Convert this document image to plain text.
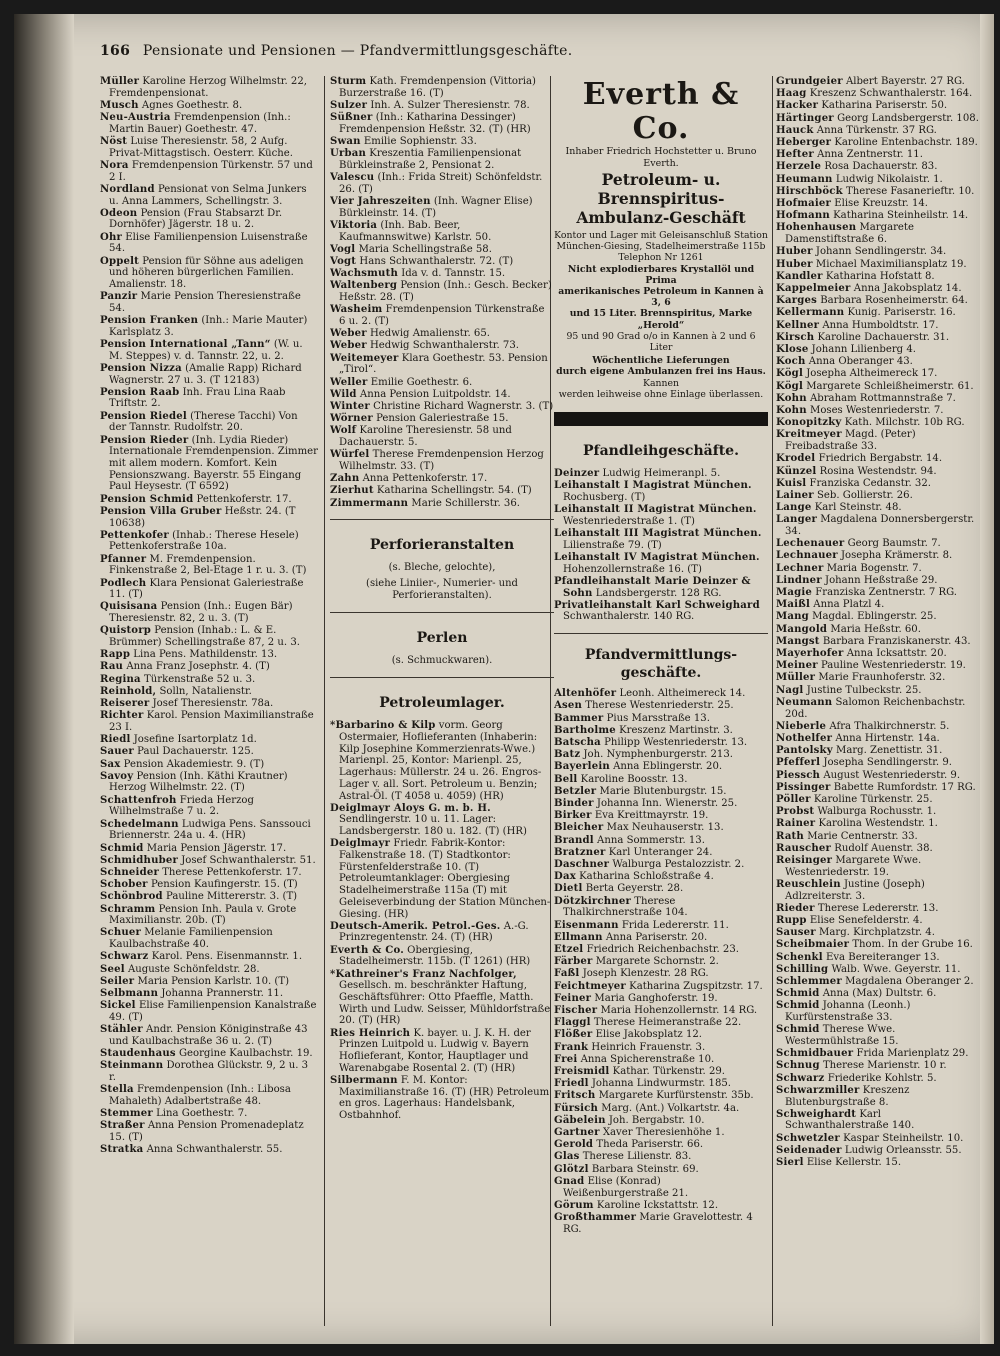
166 Pensionate und Pensionen — Pfandvermittlungsgeschäfte.
Müller Karoline Herzog Wilhelmstr. 22, Fremdenpensionat.
Musch Agnes Goethestr. 8.
Neu-Austria Fremdenpension (Inh.: Martin Bauer) Goethestr. 47.
Nöst Luise Theresienstr. 58, 2 Aufg. Privat-Mittagstisch. Oesterr. Küche.
Nora Fremdenpension Türkenstr. 57 und 2 I.
Nordland Pensionat von Selma Junkers u. Anna Lammers, Schellingstr. 3.
Odeon Pension (Frau Stabsarzt Dr. Dornhöfer) Jägerstr. 18 u. 2.
Ohr Elise Familienpension Luisenstraße 54.
Oppelt Pension für Söhne aus adeligen und höheren bürgerlichen Familien. Amalienstr. 18.
Panzir Marie Pension Theresienstraße 54.
Pension Franken (Inh.: Marie Mauter) Karlsplatz 3.
Pension International „Tann“ (W. u. M. Steppes) v. d. Tannstr. 22, u. 2.
Pension Nizza (Amalie Rapp) Richard Wagnerstr. 27 u. 3. (T 12183)
Pension Raab Inh. Frau Lina Raab Triftstr. 2.
Pension Riedel (Therese Tacchi) Von der Tannstr. Rudolfstr. 20.
Pension Rieder (Inh. Lydia Rieder) Internationale Fremdenpension. Zimmer mit allem modern. Komfort. Kein Pensionszwang. Bayerstr. 55 Eingang Paul Heysestr. (T 6592)
Pension Schmid Pettenkoferstr. 17.
Pension Villa Gruber Heßstr. 24. (T 10638)
Pettenkofer (Inhab.: Therese Hesele) Pettenkoferstraße 10a.
Pfanner M. Fremdenpension. Finkenstraße 2, Bel-Etage 1 r. u. 3. (T)
Podlech Klara Pensionat Galeriestraße 11. (T)
Quisisana Pension (Inh.: Eugen Bär) Theresienstr. 82, 2 u. 3. (T)
Quistorp Pension (Inhab.: L. & E. Brümmer) Schellingstraße 87, 2 u. 3.
Rapp Lina Pens. Mathildenstr. 13.
Rau Anna Franz Josephstr. 4. (T)
Regina Türkenstraße 52 u. 3.
Reinhold, Solln, Natalienstr.
Reiserer Josef Theresienstr. 78a.
Richter Karol. Pension Maximilianstraße 23 I.
Riedl Josefine Isartorplatz 1d.
Sauer Paul Dachauerstr. 125.
Sax Pension Akademiestr. 9. (T)
Savoy Pension (Inh. Käthi Krautner) Herzog Wilhelmstr. 22. (T)
Schattenfroh Frieda Herzog Wilhelmstraße 7 u. 2.
Schedelmann Ludwiga Pens. Sanssouci Briennerstr. 24a u. 4. (HR)
Schmid Maria Pension Jägerstr. 17.
Schmidhuber Josef Schwanthalerstr. 51.
Schneider Therese Pettenkoferstr. 17.
Schober Pension Kaufingerstr. 15. (T)
Schönbrod Pauline Mittererstr. 3. (T)
Schramm Pension Inh. Paula v. Grote Maximilianstr. 20b. (T)
Schuer Melanie Familienpension Kaulbachstraße 40.
Schwarz Karol. Pens. Eisenmannstr. 1.
Seel Auguste Schönfeldstr. 28.
Seiler Maria Pension Karlstr. 10. (T)
Selbmann Johanna Prannerstr. 11.
Sickel Elise Familienpension Kanalstraße 49. (T)
Stähler Andr. Pension Königinstraße 43 und Kaulbachstraße 36 u. 2. (T)
Staudenhaus Georgine Kaulbachstr. 19.
Steinmann Dorothea Glückstr. 9, 2 u. 3 r.
Stella Fremdenpension (Inh.: Libosa Mahaleth) Adalbertstraße 48.
Stemmer Lina Goethestr. 7.
Straßer Anna Pension Promenadeplatz 15. (T)
Stratka Anna Schwanthalerstr. 55.
Sturm Kath. Fremdenpension (Vittoria) Burzerstraße 16. (T)
Sulzer Inh. A. Sulzer Theresienstr. 78.
Süßner (Inh.: Katharina Dessinger) Fremdenpension Heßstr. 32. (T) (HR)
Swan Emilie Sophienstr. 33.
Urban Kreszentia Familienpensionat Bürkleinstraße 2, Pensionat 2.
Valescu (Inh.: Frida Streit) Schönfeldstr. 26. (T)
Vier Jahreszeiten (Inh. Wagner Elise) Bürkleinstr. 14. (T)
Viktoria (Inh. Bab. Beer, Kaufmannswitwe) Karlstr. 50.
Vogl Maria Schellingstraße 58.
Vogt Hans Schwanthalerstr. 72. (T)
Wachsmuth Ida v. d. Tannstr. 15.
Waltenberg Pension (Inh.: Gesch. Becker) Heßstr. 28. (T)
Washeim Fremdenpension Türkenstraße 6 u. 2. (T)
Weber Hedwig Amalienstr. 65.
Weber Hedwig Schwanthalerstr. 73.
Weitemeyer Klara Goethestr. 53. Pension „Tirol“.
Weller Emilie Goethestr. 6.
Wild Anna Pension Luitpoldstr. 14.
Winter Christine Richard Wagnerstr. 3. (T)
Wörner Pension Galeriestraße 15.
Wolf Karoline Theresienstr. 58 und Dachauerstr. 5.
Würfel Therese Fremdenpension Herzog Wilhelmstr. 33. (T)
Zahn Anna Pettenkoferstr. 17.
Zierhut Katharina Schellingstr. 54. (T)
Zimmermann Marie Schillerstr. 36.
Perforieranstalten
(s. Bleche, gelochte),
(siehe Liniier-, Numerier- und Perforieranstalten).
Perlen
(s. Schmuckwaren).
Petroleumlager.
*Barbarino & Kilp vorm. Georg Ostermaier, Hoflieferanten (Inhaberin: Kilp Josephine Kommerzienrats-Wwe.) Marienpl. 25, Kontor: Marienpl. 25, Lagerhaus: Müllerstr. 24 u. 26. Engros-Lager v. all. Sort. Petroleum u. Benzin; Astral-Öl. (T 4058 u. 4059) (HR)
Deiglmayr Aloys G. m. b. H. Sendlingerstr. 10 u. 11. Lager: Landsbergerstr. 180 u. 182. (T) (HR)
Deiglmayr Friedr. Fabrik-Kontor: Falkenstraße 18. (T) Stadtkontor: Fürstenfelderstraße 10. (T) Petroleumtanklager: Obergiesing Stadelheimerstraße 115a (T) mit Geleiseverbindung der Station München-Giesing. (HR)
Deutsch-Amerik. Petrol.-Ges. A.-G. Prinzregentenstr. 24. (T) (HR)
Everth & Co. Obergiesing, Stadelheimerstr. 115b. (T 1261) (HR)
*Kathreiner's Franz Nachfolger, Gesellsch. m. beschränkter Haftung, Geschäftsführer: Otto Pfaeffle, Matth. Wirth und Ludw. Seisser, Mühldorfstraße 20. (T) (HR)
Ries Heinrich K. bayer. u. J. K. H. der Prinzen Luitpold u. Ludwig v. Bayern Hoflieferant, Kontor, Hauptlager und Warenabgabe Rosental 2. (T) (HR)
Silbermann F. M. Kontor: Maximilianstraße 16. (T) (HR) Petroleum en gros. Lagerhaus: Handelsbank, Ostbahnhof.
Everth & Co.
Inhaber Friedrich Hochstetter u. Bruno Everth.
Petroleum- u. Brennspiritus-
Ambulanz-Geschäft
Kontor und Lager mit Geleisanschluß Station
München-Giesing, Stadelheimerstraße 115b
Telephon Nr 1261
Nicht explodierbares Krystallöl und Prima
amerikanisches Petroleum in Kannen à 3, 6
und 15 Liter. Brennspiritus, Marke „Herold“
95 und 90 Grad o/o in Kannen à 2 und 6 Liter
Wöchentliche Lieferungen
durch eigene Ambulanzen frei ins Haus.
Kannen
werden leihweise ohne Einlage überlassen.
Pfandleihgeschäfte.
Deinzer Ludwig Heimeranpl. 5.
Leihanstalt I Magistrat München. Rochusberg. (T)
Leihanstalt II Magistrat München. Westenriederstraße 1. (T)
Leihanstalt III Magistrat München. Lilienstraße 79. (T)
Leihanstalt IV Magistrat München. Hohenzollernstraße 16. (T)
Pfandleihanstalt Marie Deinzer & Sohn Landsbergerstr. 128 RG.
Privatleihanstalt Karl Schweighard Schwanthalerstr. 140 RG.
Pfandvermittlungs-
geschäfte.
Altenhöfer Leonh. Altheimereck 14.
Asen Therese Westenriederstr. 25.
Bammer Pius Marsstraße 13.
Bartholme Kreszenz Martinstr. 3.
Batscha Philipp Westenriederstr. 13.
Batz Joh. Nymphenburgerstr. 213.
Bayerlein Anna Eblingerstr. 20.
Bell Karoline Boosstr. 13.
Betzler Marie Blutenburgstr. 15.
Binder Johanna Inn. Wienerstr. 25.
Birker Eva Kreittmayrstr. 19.
Bleicher Max Neuhauserstr. 13.
Brandl Anna Sommerstr. 13.
Bratzner Karl Unteranger 24.
Daschner Walburga Pestalozzistr. 2.
Dax Katharina Schloßstraße 4.
Dietl Berta Geyerstr. 28.
Dötzkirchner Therese Thalkirchnerstraße 104.
Eisenmann Frida Ledererstr. 11.
Ellmann Anna Pariserstr. 20.
Etzel Friedrich Reichenbachstr. 23.
Färber Margarete Schornstr. 2.
Faßl Joseph Klenzestr. 28 RG.
Feichtmeyer Katharina Zugspitzstr. 17.
Feiner Maria Ganghoferstr. 19.
Fischer Maria Hohenzollernstr. 14 RG.
Flaggl Therese Heimeranstraße 22.
Flößer Elise Jakobsplatz 12.
Frank Heinrich Frauenstr. 3.
Frei Anna Spicherenstraße 10.
Freismidl Kathar. Türkenstr. 29.
Friedl Johanna Lindwurmstr. 185.
Fritsch Margarete Kurfürstenstr. 35b.
Fürsich Marg. (Ant.) Volkartstr. 4a.
Gäbelein Joh. Bergabstr. 10.
Gartner Xaver Theresienhöhe 1.
Gerold Theda Pariserstr. 66.
Glas Therese Lilienstr. 83.
Glötzl Barbara Steinstr. 69.
Gnad Elise (Konrad) Weißenburgerstraße 21.
Görum Karoline Ickstattstr. 12.
Großthammer Marie Gravelottestr. 4 RG.
Grundgeier Albert Bayerstr. 27 RG.
Haag Kreszenz Schwanthalerstr. 164.
Hacker Katharina Pariserstr. 50.
Härtinger Georg Landsbergerstr. 108.
Hauck Anna Türkenstr. 37 RG.
Heberger Karoline Entenbachstr. 189.
Hefter Anna Zentnerstr. 11.
Herzele Rosa Dachauerstr. 83.
Heumann Ludwig Nikolaistr. 1.
Hirschböck Therese Fasanerieftr. 10.
Hofmaier Elise Kreuzstr. 14.
Hofmann Katharina Steinheilstr. 14.
Hohenhausen Margarete Damenstiftstraße 6.
Huber Johann Sendlingerstr. 34.
Huber Michael Maximiliansplatz 19.
Kandler Katharina Hofstatt 8.
Kappelmeier Anna Jakobsplatz 14.
Karges Barbara Rosenheimerstr. 64.
Kellermann Kunig. Pariserstr. 16.
Kellner Anna Humboldtstr. 17.
Kirsch Karoline Dachauerstr. 31.
Klose Johann Lilienberg 4.
Koch Anna Oberanger 43.
Kögl Josepha Altheimereck 17.
Kögl Margarete Schleißheimerstr. 61.
Kohn Abraham Rottmannstraße 7.
Kohn Moses Westenriederstr. 7.
Konopitzky Kath. Milchstr. 10b RG.
Kreitmeyer Magd. (Peter) Freibadstraße 33.
Krodel Friedrich Bergabstr. 14.
Künzel Rosina Westendstr. 94.
Kuisl Franziska Cedanstr. 32.
Lainer Seb. Gollierstr. 26.
Lange Karl Steinstr. 48.
Langer Magdalena Donnersbergerstr. 34.
Lechenauer Georg Baumstr. 7.
Lechnauer Josepha Krämerstr. 8.
Lechner Maria Bogenstr. 7.
Lindner Johann Heßstraße 29.
Magie Franziska Zentnerstr. 7 RG.
Maißl Anna Platzl 4.
Mang Magdal. Eblingerstr. 25.
Mangold Maria Heßstr. 60.
Mangst Barbara Franziskanerstr. 43.
Mayerhofer Anna Icksattstr. 20.
Meiner Pauline Westenriederstr. 19.
Müller Marie Fraunhoferstr. 32.
Nagl Justine Tulbeckstr. 25.
Neumann Salomon Reichenbachstr. 20d.
Nieberle Afra Thalkirchnerstr. 5.
Nothelfer Anna Hirtenstr. 14a.
Pantolsky Marg. Zenettistr. 31.
Pfefferl Josepha Sendlingerstr. 9.
Piessch August Westenriederstr. 9.
Pissinger Babette Rumfordstr. 17 RG.
Pöller Karoline Türkenstr. 25.
Probst Walburga Rochusstr. 1.
Rainer Karolina Westendstr. 1.
Rath Marie Centnerstr. 33.
Rauscher Rudolf Auenstr. 38.
Reisinger Margarete Wwe. Westenriederstr. 19.
Reuschlein Justine (Joseph) Adlzreiterstr. 3.
Rieder Therese Ledererstr. 13.
Rupp Elise Senefelderstr. 4.
Sauser Marg. Kirchplatzstr. 4.
Scheibmaier Thom. In der Grube 16.
Schenkl Eva Bereiteranger 13.
Schilling Walb. Wwe. Geyerstr. 11.
Schlemmer Magdalena Oberanger 2.
Schmid Anna (Max) Dultstr. 6.
Schmid Johanna (Leonh.) Kurfürstenstraße 33.
Schmid Therese Wwe. Westermühlstraße 15.
Schmidbauer Frida Marienplatz 29.
Schnug Therese Marienstr. 10 r.
Schwarz Friederike Kohlstr. 5.
Schwarzmiller Kreszenz Blutenburgstraße 8.
Schweighardt Karl Schwanthalerstraße 140.
Schwetzler Kaspar Steinheilstr. 10.
Seidenader Ludwig Orleansstr. 55.
Sierl Elise Kellerstr. 15.
